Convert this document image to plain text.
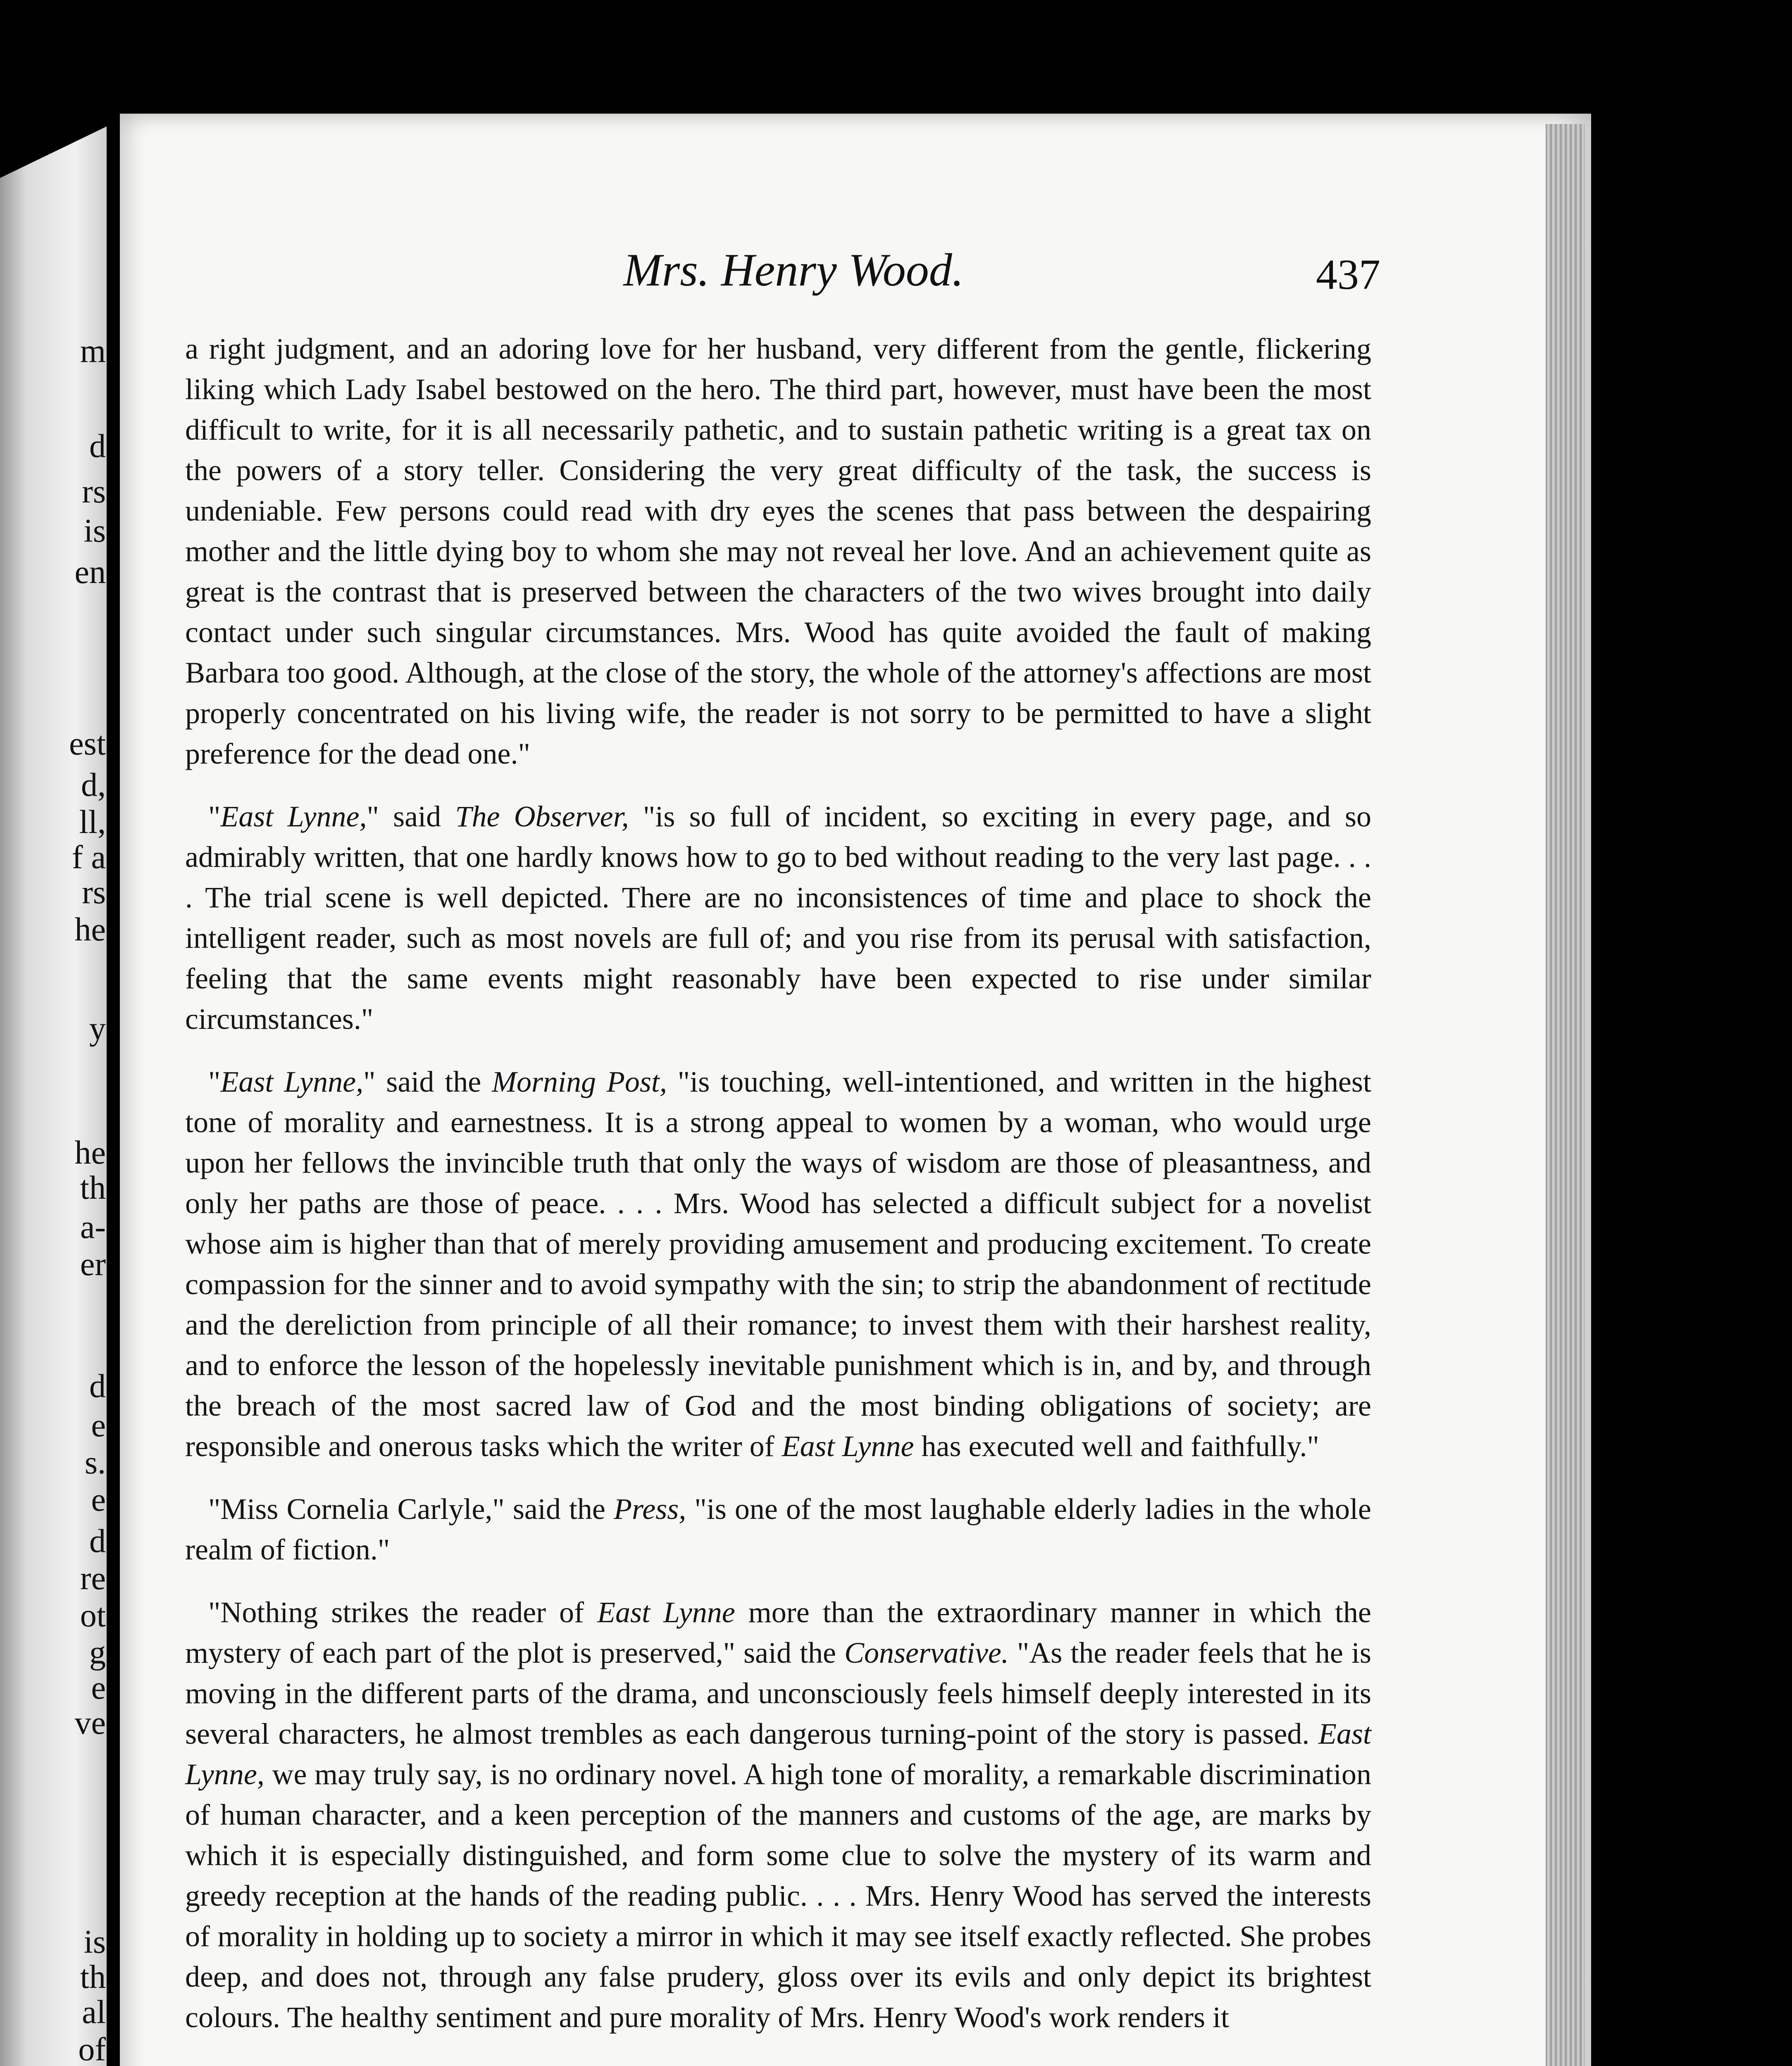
m
d
rs
is
en
est
d,
ll,
f a
rs
he
y
he
th
a-
er
d
e
s.
e
d
re
ot
g
e
ve
is
th
al
of
Mrs. Henry Wood.	437

a right judgment, and an adoring love for her husband, very different from the gentle, flickering liking which Lady Isabel bestowed on the hero. The third part, however, must have been the most difficult to write, for it is all necessarily pathetic, and to sustain pathetic writing is a great tax on the powers of a story teller. Considering the very great difficulty of the task, the success is undeniable. Few persons could read with dry eyes the scenes that pass between the despairing mother and the little dying boy to whom she may not reveal her love. And an achievement quite as great is the contrast that is preserved between the characters of the two wives brought into daily contact under such singular circumstances. Mrs. Wood has quite avoided the fault of making Barbara too good. Although, at the close of the story, the whole of the attorney's affections are most properly concentrated on his living wife, the reader is not sorry to be permitted to have a slight preference for the dead one."

"East Lynne," said The Observer, "is so full of incident, so exciting in every page, and so admirably written, that one hardly knows how to go to bed without reading to the very last page. . . . The trial scene is well depicted. There are no inconsistences of time and place to shock the intelligent reader, such as most novels are full of; and you rise from its perusal with satisfaction, feeling that the same events might reasonably have been expected to rise under similar circumstances."

"East Lynne," said the Morning Post, "is touching, well-intentioned, and written in the highest tone of morality and earnestness. It is a strong appeal to women by a woman, who would urge upon her fellows the invincible truth that only the ways of wisdom are those of pleasantness, and only her paths are those of peace. . . . Mrs. Wood has selected a difficult subject for a novelist whose aim is higher than that of merely providing amusement and producing excitement. To create compassion for the sinner and to avoid sympathy with the sin; to strip the abandonment of rectitude and the dereliction from principle of all their romance; to invest them with their harshest reality, and to enforce the lesson of the hopelessly inevitable punishment which is in, and by, and through the breach of the most sacred law of God and the most binding obligations of society; are responsible and onerous tasks which the writer of East Lynne has executed well and faithfully."

"Miss Cornelia Carlyle," said the Press, "is one of the most laughable elderly ladies in the whole realm of fiction."

"Nothing strikes the reader of East Lynne more than the extraordinary manner in which the mystery of each part of the plot is preserved," said the Conservative. "As the reader feels that he is moving in the different parts of the drama, and unconsciously feels himself deeply interested in its several characters, he almost trembles as each dangerous turning-point of the story is passed. East Lynne, we may truly say, is no ordinary novel. A high tone of morality, a remarkable discrimination of human character, and a keen perception of the manners and customs of the age, are marks by which it is especially distinguished, and form some clue to solve the mystery of its warm and greedy reception at the hands of the reading public. . . . Mrs. Henry Wood has served the interests of morality in holding up to society a mirror in which it may see itself exactly reflected. She probes deep, and does not, through any false prudery, gloss over its evils and only depict its brightest colours. The healthy sentiment and pure morality of Mrs. Henry Wood's work renders it
